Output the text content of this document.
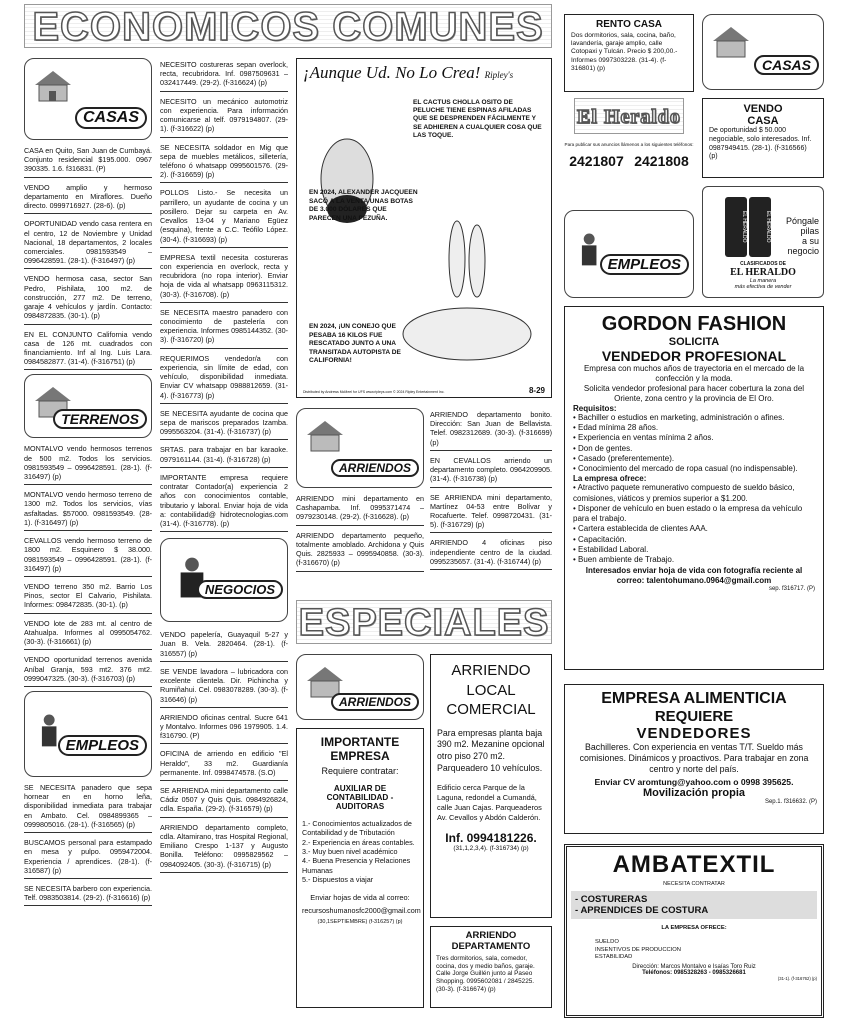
ECONOMICOS COMUNES
CASAS
CASA en Quito, San Juan de Cumbayá. Conjunto residencial $195.000. 0967 390335. 1.6. f316831. (P)
VENDO amplio y hermoso departamento en Miraflores. Dueño directo. 0999716927. (28-6). (p)
OPORTUNIDAD vendo casa rentera en el centro, 12 de Noviembre y Unidad Nacional, 18 departamentos, 2 locales comerciales. 0981593549 – 0996428591. (28-1). (f-316497) (p)
VENDO hermosa casa, sector San Pedro, Pishilata, 100 m2. de construcción, 277 m2. De terreno, garaje 4 vehículos y jardín. Contacto: 0984872835. (30-1). (p)
EN EL CONJUNTO California vendo casa de 126 mt. cuadrados con financiamiento. Inf al Ing. Luis Lara. 0984582877. (31-4). (f-316751) (p)
TERRENOS
MONTALVO vendo hermosos terrenos de 500 m2. Todos los servicios. 0981593549 – 0996428591. (28-1). (f-316497) (p)
MONTALVO vendo hermoso terreno de 1300 m2. Todos los servicios, vías asfaltadas. $57000. 0981593549. (28-1). (f-316497) (p)
CEVALLOS vendo hermoso terreno de 1800 m2. Esquinero $ 38.000. 0981593549 – 0996428591. (28-1). (f-316497) (p)
VENDO terreno 350 m2. Barrio Los Pinos, sector El Calvario, Pishilata. Informes: 098472835. (30-1). (p)
VENDO lote de 283 mt. al centro de Atahualpa. Informes al 0995054762. (30-3). (f-316661) (p)
VENDO oportunidad terrenos avenida Aníbal Granja, 593 mt2. 376 mt2. 0999047325. (30-3). (f-316703) (p)
EMPLEOS
SE NECESITA panadero que sepa hornear en en horno leña, disponibilidad inmediata para trabajar en Ambato. Cel. 0984899365 – 0999805016. (28-1). (f-316565) (p)
BUSCAMOS personal para estampado en mesa y pulpo. 0959472004. Experiencia / aprendices. (28-1). (f-316587) (p)
SE NECESITA barbero con experiencia. Telf. 0983503814. (29-2). (f-316616) (p)
NECESITO costureras sepan overlock, recta, recubridora. Inf. 0987509631 – 032417449. (29-2). (f-316624) (p)
NECESITO un mecánico automotriz con experiencia. Para información comunicarse al telf. 0979194807. (29-1). (f-316622) (p)
SE NECESITA soldador en Mig que sepa de muebles metálicos, silletería, teléfono ó whatsapp 0995601576. (29-2). (f-316659) (p)
POLLOS Listo.- Se necesita un parrillero, un ayudante de cocina y un posillero. Dejar su carpeta en Av. Cevallos 13-04 y Mariano Egüez (esquina), frente a C.C. Teófilo López. (30-4). (f-316693) (p)
EMPRESA textil necesita costureras con experiencia en overlock, recta y recubridora (no ropa interior). Enviar hoja de vida al whatsapp 0963115312. (30-3). (f-316708). (p)
SE NECESITA maestro panadero con conocimiento de pastelería con experiencia. Informes 0985144352. (30-3). (f-316720) (p)
REQUERIMOS vendedor/a con experiencia, sin límite de edad, con vehículo, disponibilidad inmediata. Enviar CV whatsapp 0988812659. (31-4). (f-316773) (p)
SE NECESITA ayudante de cocina que sepa de mariscos preparados Izamba. 0995563204. (31-4). (f-316737) (p)
SRTAS. para trabajar en bar karaoke. 0979161144. (31-4). (f-316728) (p)
IMPORTANTE empresa requiere contratar Contador(a) experiencia 2 años con conocimientos contable, tributario y laboral. Enviar hoja de vida a: contabilidad@ hidrotecnologias.com (31-4). (f-316778). (p)
NEGOCIOS
VENDO papelería, Guayaquil 5-27 y Juan B. Vela. 2820464. (28-1). (f-316557) (p)
SE VENDE lavadora – lubricadora con excelente clientela. Dir. Pichincha y Rumiñahui. Cel. 0983078289. (30-3). (f-316646) (p)
ARRIENDO oficinas central. Sucre 641 y Montalvo. Informes 096 1979905. 1.4. f316790. (P)
OFICINA de arriendo en edificio "El Heraldo", 33 m2. Guardianía permanente. Inf. 0998474578. (S.O)
SE ARRIENDA mini departamento calle Cádiz 0507 y Quis Quis. 0984926824, cdla. España. (29-2). (f-316579) (p)
ARRIENDO departamento completo, cdla. Altamirano, tras Hospital Regional, Emiliano Crespo 1-137 y Augusto Bonilla. Teléfono: 0995829562 – 0984092405. (30-3). (f-316715) (p)
¡Aunque Ud. No Lo Crea! Ripley's
EL CACTUS CHOLLA OSITO DE PELUCHE TIENE ESPINAS AFILADAS QUE SE DESPRENDEN FÁCILMENTE Y SE ADHIEREN A CUALQUIER COSA QUE LAS TOQUE.
EN 2024, ALEXANDER JACQUEEN SACÓ A LA VENTA UNAS BOTAS DE 3.000 DÓLARES QUE PARECEN UNA PEZUÑA.
EN 2024, ¡UN CONEJO QUE PESABA 16 KILOS FUE RESCATADO JUNTO A UNA TRANSITADA AUTOPISTA DE CALIFORNIA!
Distributed by Andrews McMeel for UFS www.ripleys.com © 2024 Ripley Entertainment Inc.	8-29
ARRIENDOS
ARRIENDO mini departamento en Cashapamba. Inf. 0995371474 – 0979230148. (29-2). (f-316628). (p)
ARRIENDO departamento pequeño, totalmente amoblado. Archidona y Quis Quis. 2825933 – 0995940858. (30-3). (f-316670) (p)
ARRIENDO departamento bonito. Dirección: San Juan de Bellavista. Telef. 0982312689. (30-3). (f-316699) (p)
EN CEVALLOS arriendo un departamento completo. 0964209905. (31-4). (f-316738) (p)
SE ARRIENDA mini departamento, Martínez 04-53 entre Bolívar y Rocafuerte. Telef. 0998720431. (31-5). (f-316729) (p)
ARRIENDO 4 oficinas piso independiente centro de la ciudad. 0995235657. (31-4). (f-316744) (p)
ESPECIALES
ARRIENDOS
IMPORTANTE
EMPRESA
Requiere contratar:
AUXILIAR DE CONTABILIDAD - AUDITORAS
1.- Conocimientos actualizados de Contabilidad y de Tributación
2.- Experiencia en áreas contables.
3.- Muy buen nivel académico
4.- Buena Presencia y Relaciones Humanas
5.- Dispuestos a viajar
Enviar hojas de vida al correo:
recursoshumanosfc2000@gmail.com
(30,1SEPTIEMBRE) (f-316257) (p)
ARRIENDO LOCAL COMERCIAL
Para empresas planta baja 390 m2. Mezanine opcional otro piso 270 m2. Parqueadero 10 vehículos.
Edificio cerca Parque de la Laguna, redondel a Cumandá, calle Juan Cajas. Parqueaderos Av. Cevallos y Abdón Calderón.
Inf. 0994181226.
(31,1,2,3,4). (f-316734) (p)
ARRIENDO DEPARTAMENTO
Tres dormitorios, sala, comedor, cocina, dos y medio baños, garaje. Calle Jorge Guillén junto al Paseo Shopping. 0995602081 / 2845225. (30-3). (f-316674) (p)
RENTO CASA
Dos dormitorios, sala, cocina, baño, lavandería, garaje amplio, calle Cotopaxi y Tulcán. Precio $ 200,00.- Informes 0997303228. (31-4). (f-316801) (p)	CASAS
El Heraldo
Para publicar sus anuncios llámenos a los siguientes teléfonos:
2421807 2421808
VENDO
CASA
De oportunidad $ 50.000 negociable, solo interesados. Inf. 0987949415. (28-1). (f-316566) (p)
EMPLEOS
EL HERALDO	EL HERALDO Póngale
pilas
a su
negocio
CLASIFICADOS DE
EL HERALDO
La manera
más efectiva de vender
GORDON FASHION
SOLICITA
VENDEDOR PROFESIONAL
Empresa con muchos años de trayectoria en el mercado de la confección y la moda.
Solicita vendedor profesional para hacer cobertura la zona del Oriente, zona centro y la provincia de El Oro.
Requisitos:
• Bachiller o estudios en marketing, administración o afines.
• Edad mínima 28 años.
• Experiencia en ventas mínima 2 años.
• Don de gentes.
• Casado (preferentemente).
• Conocimiento del mercado de ropa casual (no indispensable).
La empresa ofrece:
• Atractivo paquete remunerativo compuesto de sueldo básico, comisiones, viáticos y premios superior a $1.200.
• Disponer de vehículo en buen estado o la empresa da vehículo para el trabajo.
• Cartera establecida de clientes AAA.
• Capacitación.
• Estabilidad Laboral.
• Buen ambiente de Trabajo.
Interesados enviar hoja de vida con fotografía reciente al correo: talentohumano.0964@gmail.com
sep. f316717. (P)
EMPRESA ALIMENTICIA
REQUIERE
VENDEDORES
Bachilleres. Con experiencia en ventas T/T. Sueldo más comisiones. Dinámicos y proactivos. Para trabajar en zona centro y norte del país.
Enviar CV aromtung@yahoo.com o 0998 395625.
Movilización propia
Sep.1. f316632. (P)
AMBATEXTIL
NECESITA CONTRATAR
- COSTURERAS
- APRENDICES DE COSTURA
LA EMPRESA OFRECE:
SUELDO
INSENTIVOS DE PRODUCCION
ESTABILIDAD
Dirección: Marcos Montalvo e Isaías Toro Ruiz
Teléfonos: 0985328263 - 0985326681
(31-1). (f-316762) (p)
